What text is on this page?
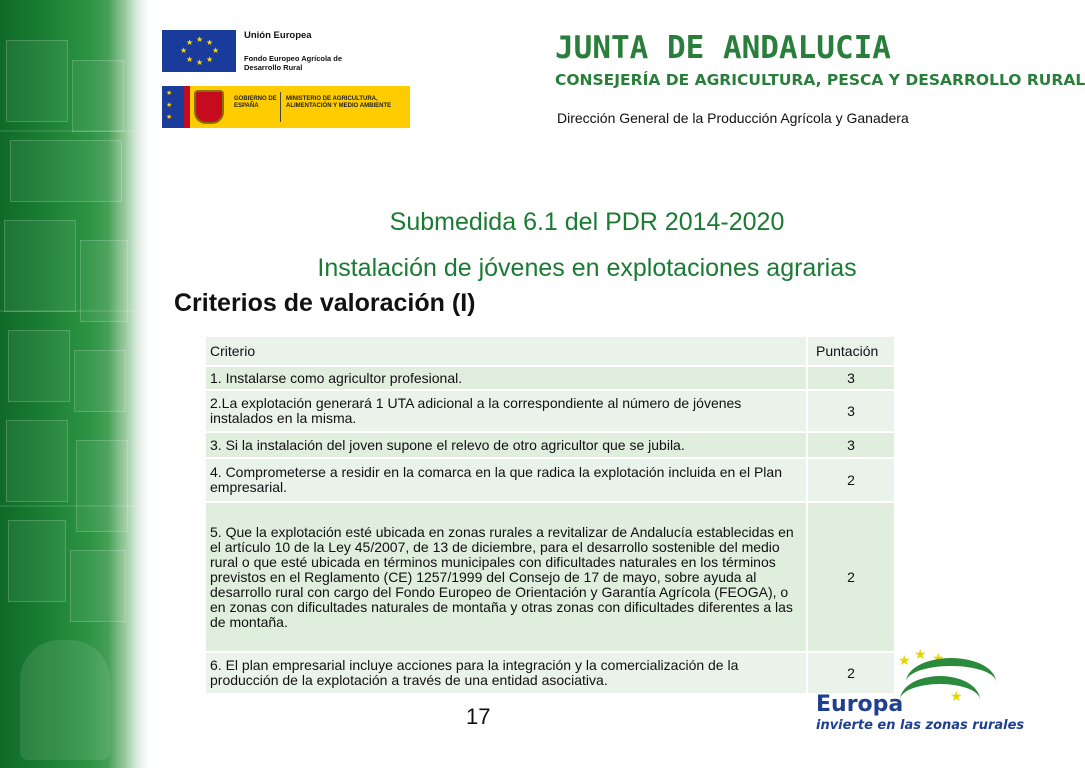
★ ★
★
★
★
★
★
★
Unión Europea
Fondo Europeo Agrícola de Desarrollo Rural
★
★
★
GOBIERNO DE ESPAÑA
MINISTERIO DE AGRICULTURA, ALIMENTACIÓN Y MEDIO AMBIENTE
JUNTA DE ANDALUCIA
CONSEJERÍA DE AGRICULTURA, PESCA Y DESARROLLO RURAL
Dirección General de la Producción Agrícola y Ganadera
Submedida 6.1 del PDR 2014-2020
Instalación de jóvenes en explotaciones agrarias
Criterios de valoración (I)
Criterio	Puntación
1. Instalarse como agricultor profesional.	3
2.La explotación generará 1 UTA adicional a la correspondiente al número de jóvenes instalados en la misma.	3
3. Si la instalación del joven supone el relevo de otro agricultor que se jubila.	3
4. Comprometerse a residir en la comarca en la que radica la explotación incluida en el Plan empresarial.	2
5. Que la explotación esté ubicada en zonas rurales a revitalizar de Andalucía establecidas en el artículo 10 de la Ley 45/2007, de 13 de diciembre, para el desarrollo sostenible del medio rural o que esté ubicada en términos municipales con dificultades naturales en los términos previstos en el Reglamento (CE) 1257/1999 del Consejo de 17 de mayo, sobre ayuda al desarrollo rural con cargo del Fondo Europeo de Orientación y Garantía Agrícola (FEOGA), o en zonas con dificultades naturales de montaña y otras zonas con dificultades diferentes a las de montaña.	2
6. El plan empresarial incluye acciones para la integración y la comercialización de la producción de la explotación a través de una entidad asociativa.	2
17
★ ★ ★
★
Europa
invierte en las zonas rurales
